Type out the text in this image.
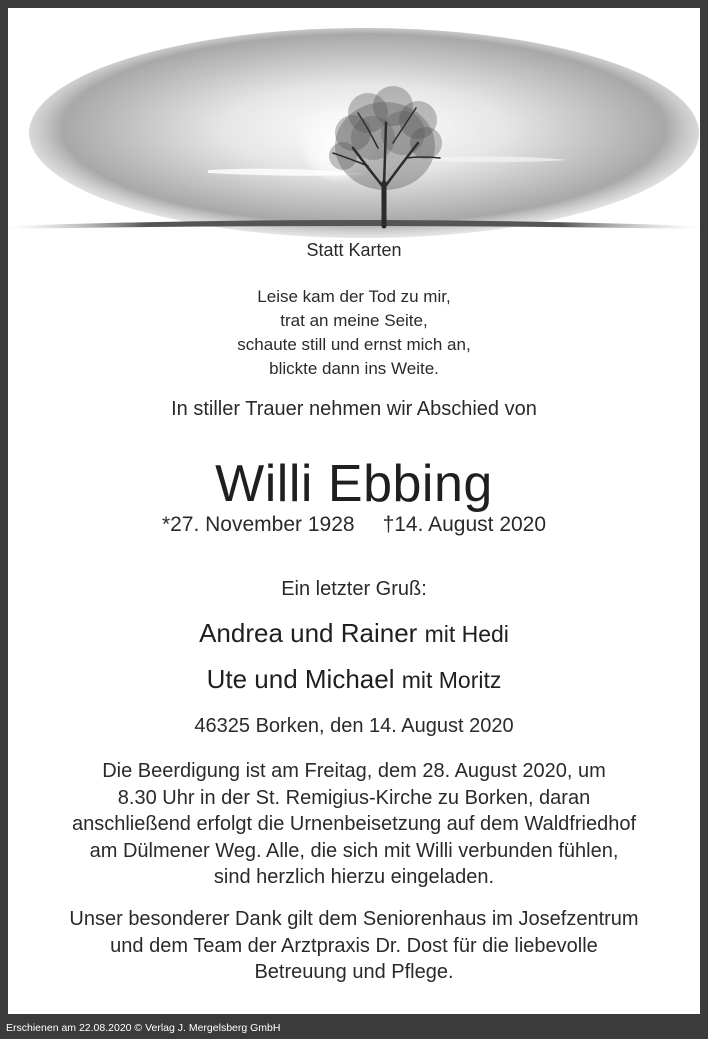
Statt Karten
Leise kam der Tod zu mir,
trat an meine Seite,
schaute still und ernst mich an,
blickte dann ins Weite.
In stiller Trauer nehmen wir Abschied von
Willi Ebbing
*27. November 1928 †14. August 2020
Ein letzter Gruß:
Andrea und Rainer mit Hedi
Ute und Michael mit Moritz
46325 Borken, den 14. August 2020
Die Beerdigung ist am Freitag, dem 28. August 2020, um
8.30 Uhr in der St. Remigius-Kirche zu Borken, daran
anschließend erfolgt die Urnenbeisetzung auf dem Waldfriedhof
am Dülmener Weg. Alle, die sich mit Willi verbunden fühlen,
sind herzlich hierzu eingeladen.
Unser besonderer Dank gilt dem Seniorenhaus im Josefzentrum
und dem Team der Arztpraxis Dr. Dost für die liebevolle
Betreuung und Pflege.
Erschienen am 22.08.2020 © Verlag J. Mergelsberg GmbH
